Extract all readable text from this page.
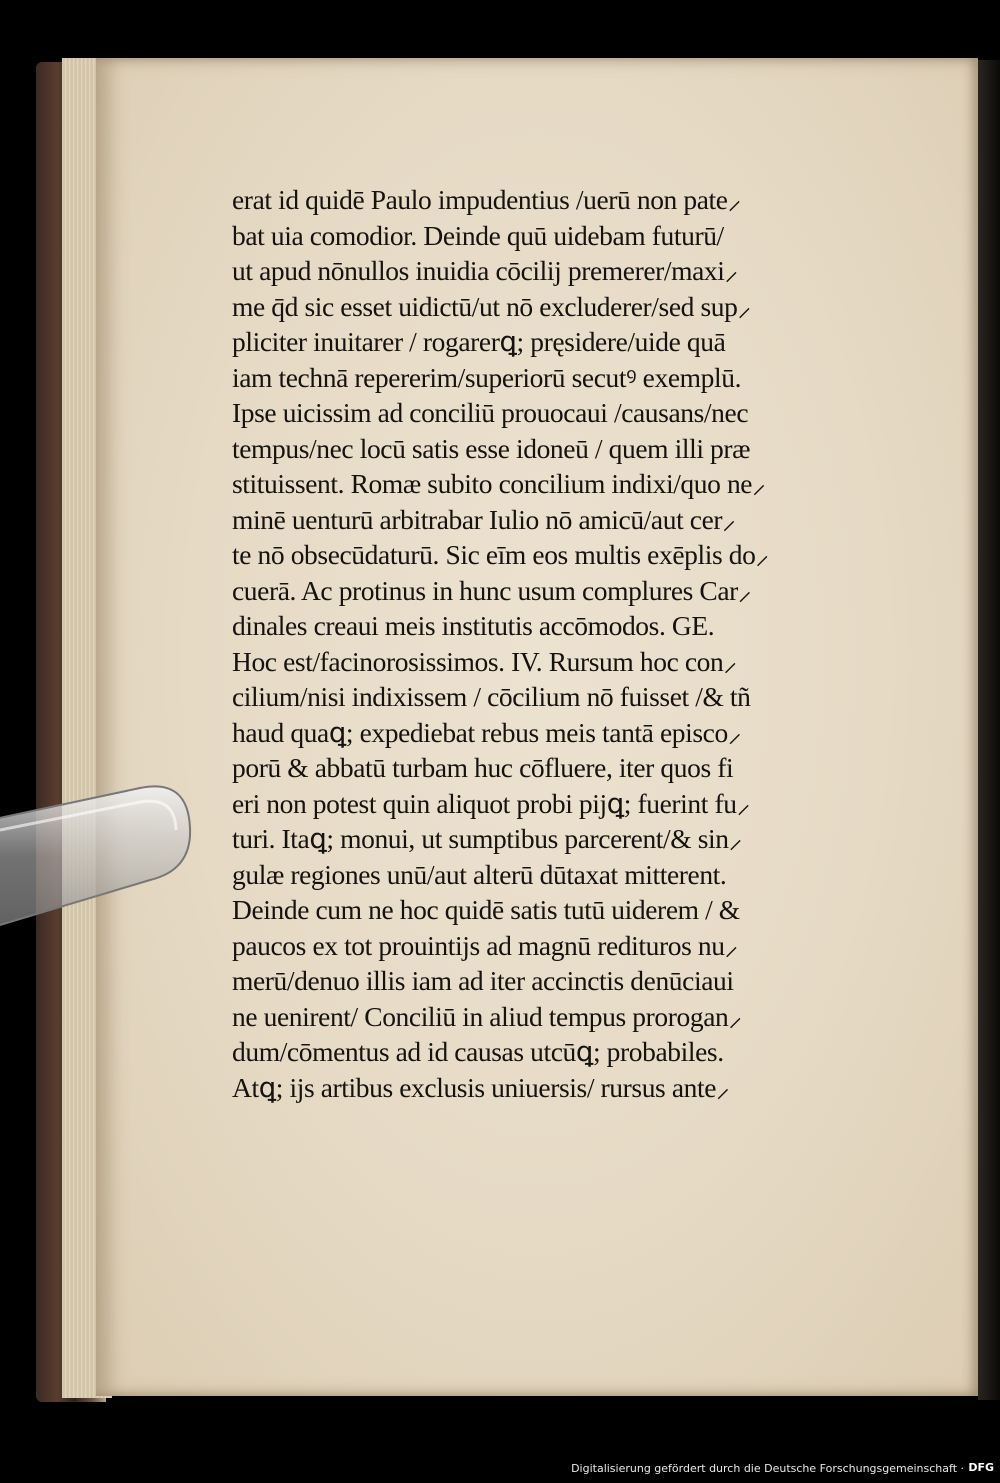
erat id quidē Paulo impudentius /uerū non pate⸝
bat uia comodior. Deinde quū uidebam futurū/
ut apud nōnullos inuidia cōcilij premerer/maxi⸝
me q̄d sic esset uidictū/ut nō excluderer/sed sup⸝
pliciter inuitarer / rogarerꝗ; pręsidere/uide quā
iam technā repererim/superiorū secutꝰ exemplū.
Ipse uicissim ad conciliū prouocaui /causans/nec
tempus/nec locū satis esse idoneū / quem illi præ
stituissent. Romæ subito concilium indixi/quo ne⸝
minē uenturū arbitrabar Iulio nō amicū/aut cer⸝
te nō obsecūdaturū. Sic eīm eos multis exēplis do⸝
cuerā. Ac protinus in hunc usum complures Car⸝
dinales creaui meis institutis accōmodos. GE.
Hoc est/facinorosissimos. IV. Rursum hoc con⸝
cilium/nisi indixissem / cōcilium nō fuisset /& tñ
haud quaꝗ; expediebat rebus meis tantā episco⸝
porū & abbatū turbam huc cōfluere, iter quos fi
eri non potest quin aliquot probi pijꝗ; fuerint fu⸝
turi. Itaꝗ; monui, ut sumptibus parcerent/& sin⸝
gulæ regiones unū/aut alterū dūtaxat mitterent.
Deinde cum ne hoc quidē satis tutū uiderem / &
paucos ex tot prouintijs ad magnū redituros nu⸝
merū/denuo illis iam ad iter accinctis denūciaui
ne uenirent/ Conciliū in aliud tempus prorogan⸝
dum/cōmentus ad id causas utcūꝗ; probabiles.
Atꝗ; ijs artibus exclusis uniuersis/ rursus ante⸝
Digitalisierung gefördert durch die Deutsche Forschungsgemeinschaft · DFG
